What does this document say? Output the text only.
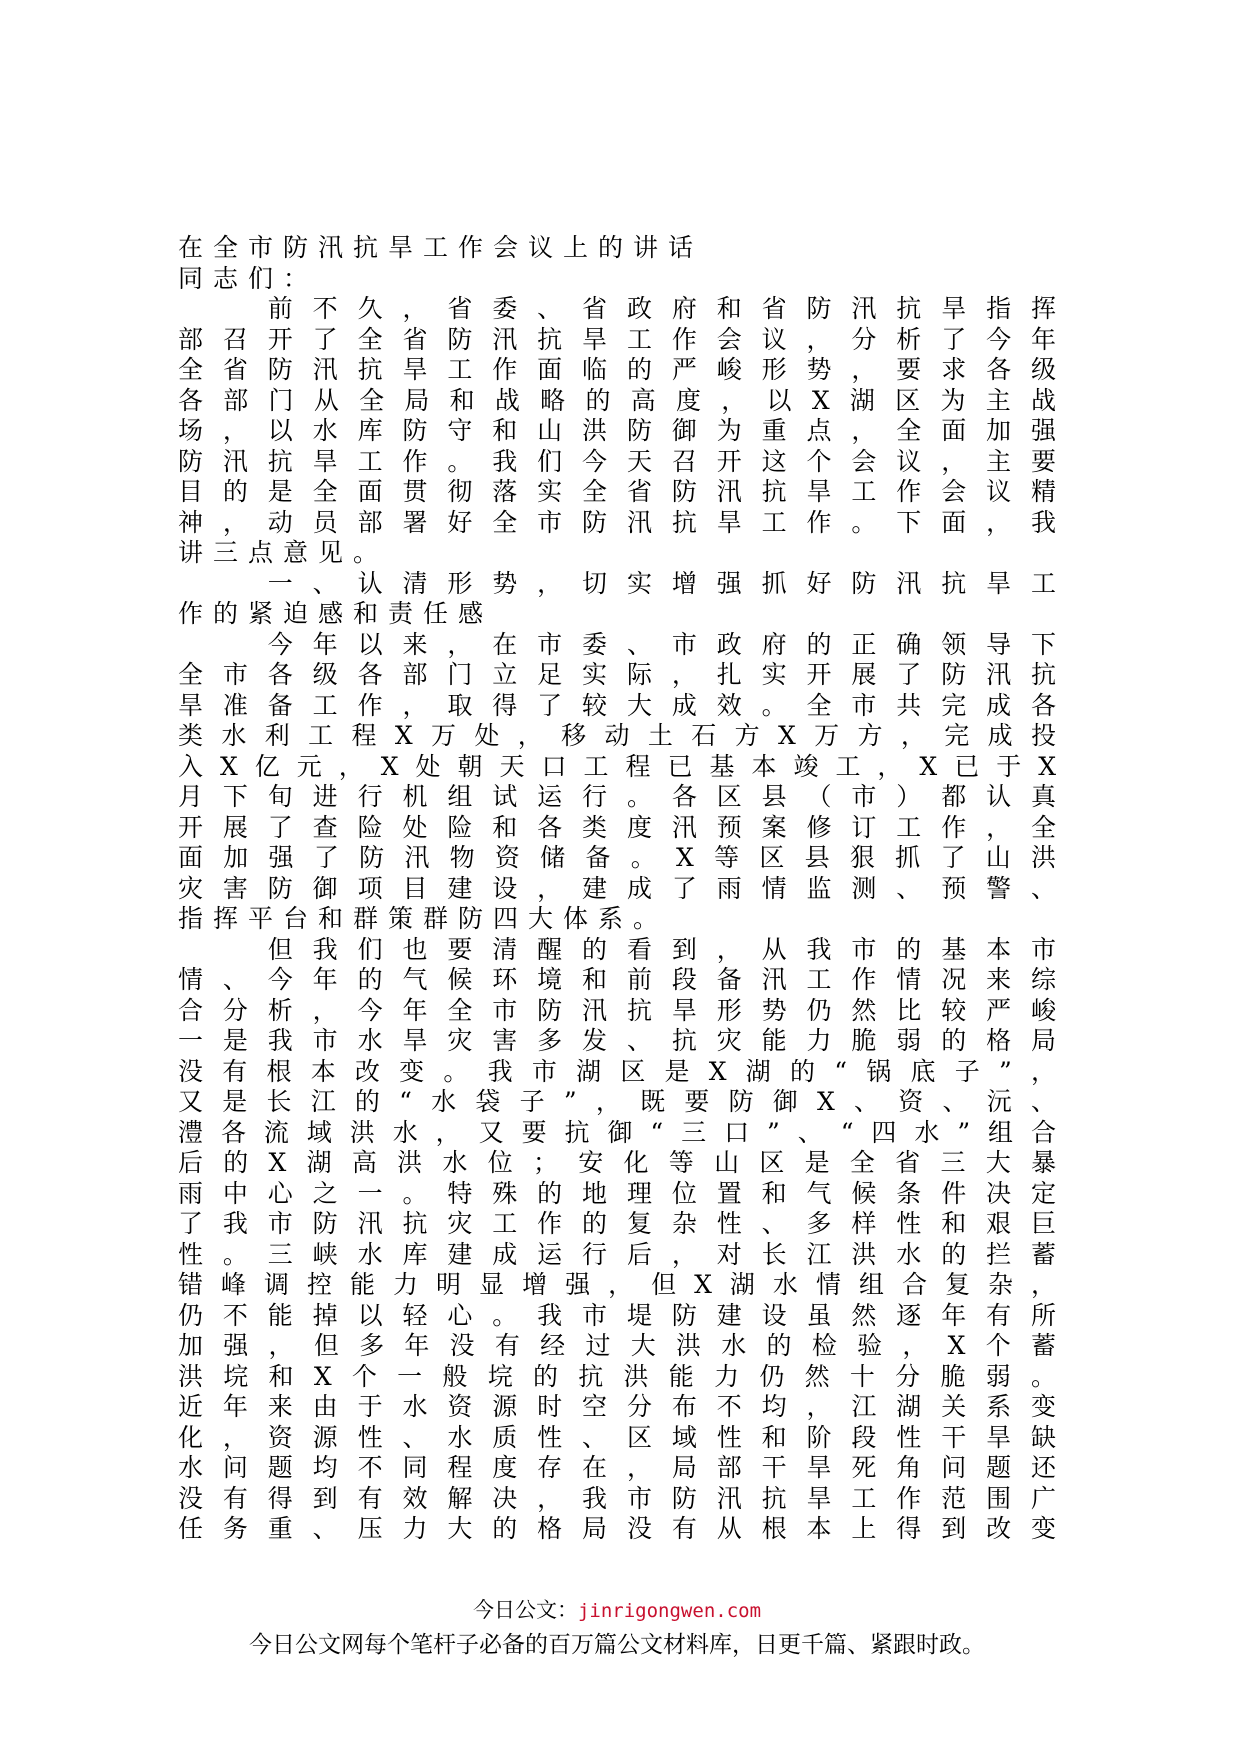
在全市防汛抗旱工作会议上的讲话
同志们：
　　前不久，省委、省政府和省防汛抗旱指挥
部召开了全省防汛抗旱工作会议，分析了今年
全省防汛抗旱工作面临的严峻形势，要求各级
各部门从全局和战略的高度，以X湖区为主战
场，以水库防守和山洪防御为重点，全面加强
防汛抗旱工作。我们今天召开这个会议，主要
目的是全面贯彻落实全省防汛抗旱工作会议精
神，动员部署好全市防汛抗旱工作。下面，我
讲三点意见。
　　一、认清形势，切实增强抓好防汛抗旱工
作的紧迫感和责任感
　　今年以来，在市委、市政府的正确领导下
全市各级各部门立足实际，扎实开展了防汛抗
旱准备工作，取得了较大成效。全市共完成各
类水利工程X万处，移动土石方X万方，完成投
入X亿元，X处朝天口工程已基本竣工，X已于X
月下旬进行机组试运行。各区县（市）都认真
开展了查险处险和各类度汛预案修订工作，全
面加强了防汛物资储备。X等区县狠抓了山洪
灾害防御项目建设，建成了雨情监测、预警、
指挥平台和群策群防四大体系。
　　但我们也要清醒的看到，从我市的基本市
情、今年的气候环境和前段备汛工作情况来综
合分析，今年全市防汛抗旱形势仍然比较严峻
一是我市水旱灾害多发、抗灾能力脆弱的格局
没有根本改变。我市湖区是X湖的“锅底子”，
又是长江的“水袋子”，既要防御X、资、沅、
澧各流域洪水，又要抗御“三口”、“四水”组合
后的X湖高洪水位；安化等山区是全省三大暴
雨中心之一。特殊的地理位置和气候条件决定
了我市防汛抗灾工作的复杂性、多样性和艰巨
性。三峡水库建成运行后，对长江洪水的拦蓄
错峰调控能力明显增强，但X湖水情组合复杂，
仍不能掉以轻心。我市堤防建设虽然逐年有所
加强，但多年没有经过大洪水的检验，X个蓄
洪垸和X个一般垸的抗洪能力仍然十分脆弱。
近年来由于水资源时空分布不均，江湖关系变
化，资源性、水质性、区域性和阶段性干旱缺
水问题均不同程度存在，局部干旱死角问题还
没有得到有效解决，我市防汛抗旱工作范围广
任务重、压力大的格局没有从根本上得到改变
今日公文：jinrigongwen.com
今日公文网每个笔杆子必备的百万篇公文材料库，日更千篇、紧跟时政。
